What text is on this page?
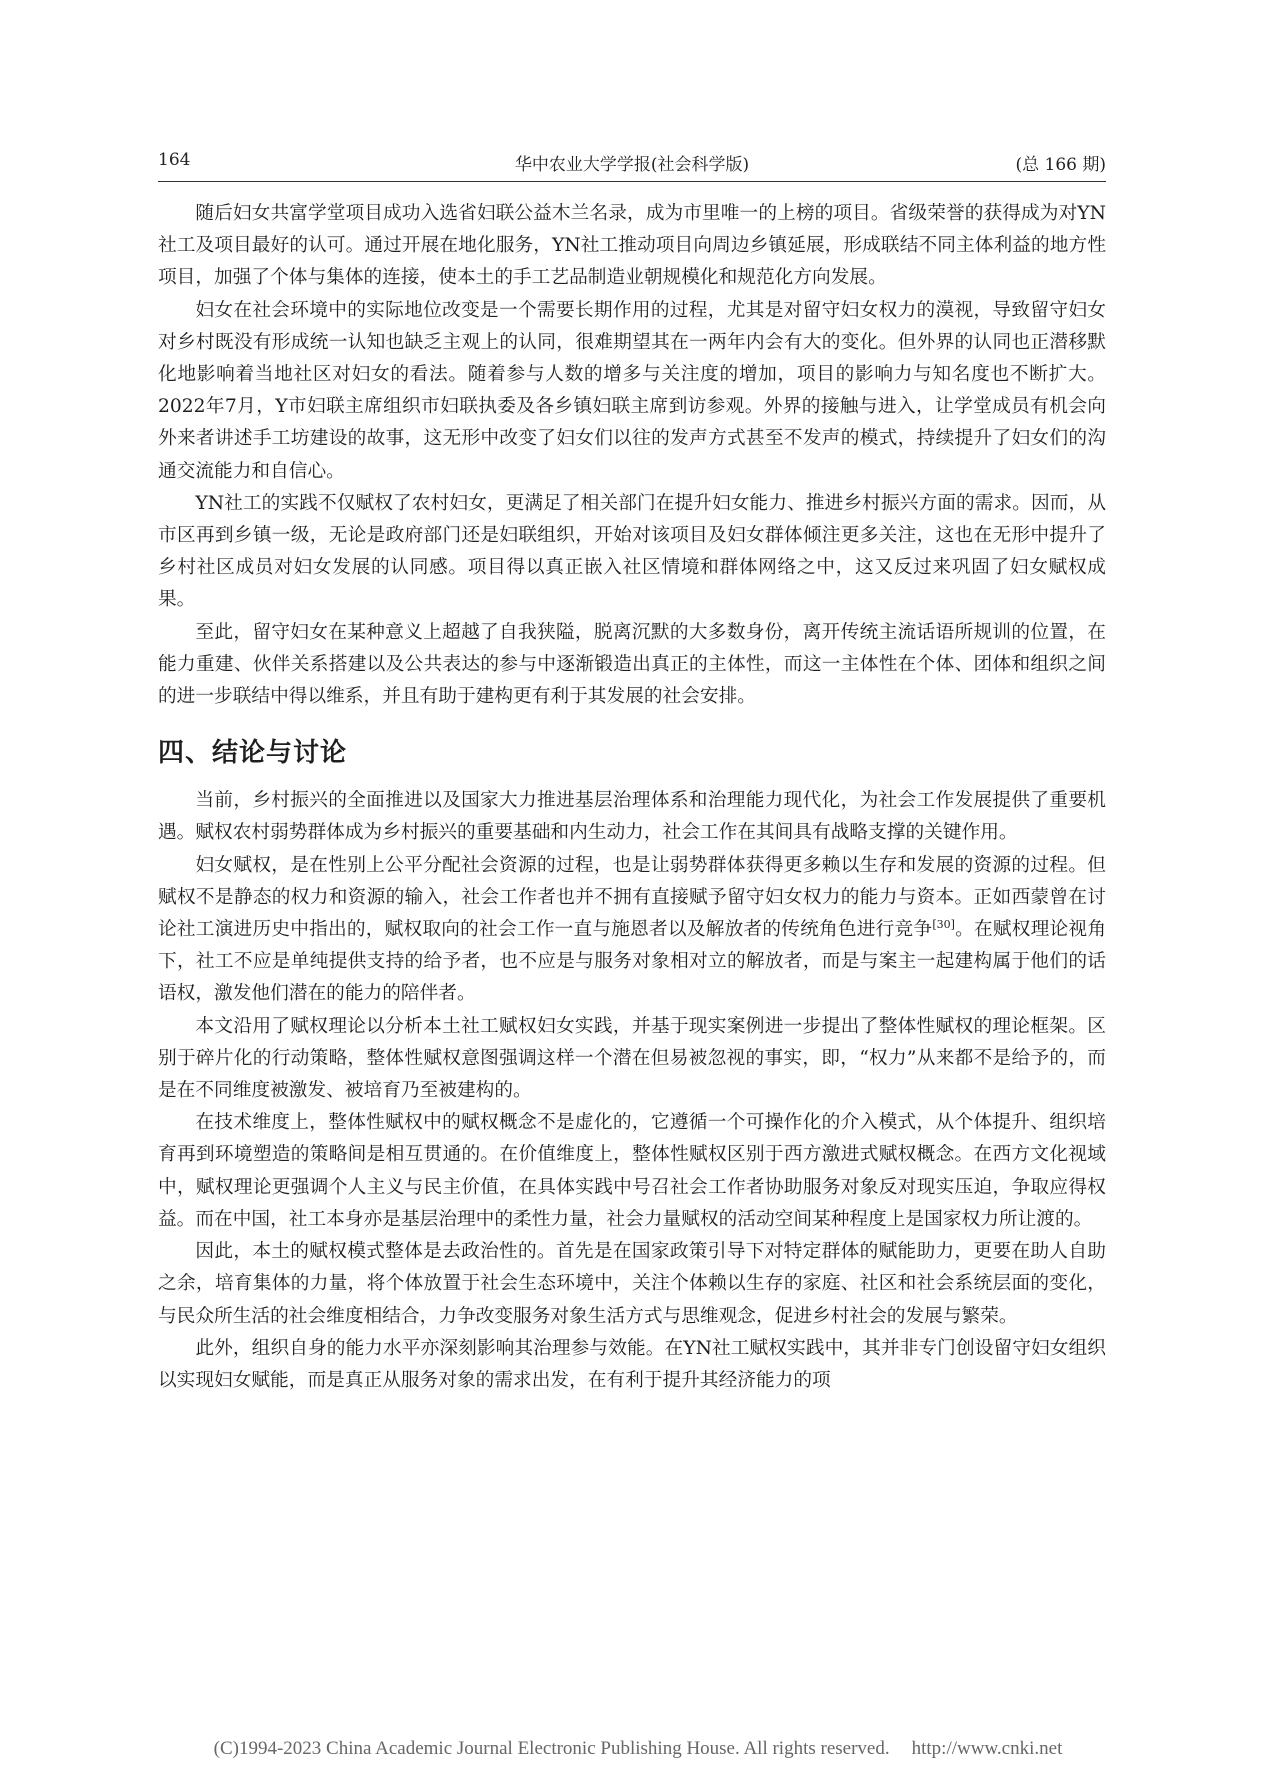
164	华中农业大学学报(社会科学版)	(总 166 期)

随后妇女共富学堂项目成功入选省妇联公益木兰名录，成为市里唯一的上榜的项目。省级荣誉的获得成为对YN社工及项目最好的认可。通过开展在地化服务，YN社工推动项目向周边乡镇延展，形成联结不同主体利益的地方性项目，加强了个体与集体的连接，使本土的手工艺品制造业朝规模化和规范化方向发展。

妇女在社会环境中的实际地位改变是一个需要长期作用的过程，尤其是对留守妇女权力的漠视，导致留守妇女对乡村既没有形成统一认知也缺乏主观上的认同，很难期望其在一两年内会有大的变化。但外界的认同也正潜移默化地影响着当地社区对妇女的看法。随着参与人数的增多与关注度的增加，项目的影响力与知名度也不断扩大。2022年7月，Y市妇联主席组织市妇联执委及各乡镇妇联主席到访参观。外界的接触与进入，让学堂成员有机会向外来者讲述手工坊建设的故事，这无形中改变了妇女们以往的发声方式甚至不发声的模式，持续提升了妇女们的沟通交流能力和自信心。

YN社工的实践不仅赋权了农村妇女，更满足了相关部门在提升妇女能力、推进乡村振兴方面的需求。因而，从市区再到乡镇一级，无论是政府部门还是妇联组织，开始对该项目及妇女群体倾注更多关注，这也在无形中提升了乡村社区成员对妇女发展的认同感。项目得以真正嵌入社区情境和群体网络之中，这又反过来巩固了妇女赋权成果。

至此，留守妇女在某种意义上超越了自我狭隘，脱离沉默的大多数身份，离开传统主流话语所规训的位置，在能力重建、伙伴关系搭建以及公共表达的参与中逐渐锻造出真正的主体性，而这一主体性在个体、团体和组织之间的进一步联结中得以维系，并且有助于建构更有利于其发展的社会安排。

四、结论与讨论

当前，乡村振兴的全面推进以及国家大力推进基层治理体系和治理能力现代化，为社会工作发展提供了重要机遇。赋权农村弱势群体成为乡村振兴的重要基础和内生动力，社会工作在其间具有战略支撑的关键作用。

妇女赋权，是在性别上公平分配社会资源的过程，也是让弱势群体获得更多赖以生存和发展的资源的过程。但赋权不是静态的权力和资源的输入，社会工作者也并不拥有直接赋予留守妇女权力的能力与资本。正如西蒙曾在讨论社工演进历史中指出的，赋权取向的社会工作一直与施恩者以及解放者的传统角色进行竞争[30]。在赋权理论视角下，社工不应是单纯提供支持的给予者，也不应是与服务对象相对立的解放者，而是与案主一起建构属于他们的话语权，激发他们潜在的能力的陪伴者。

本文沿用了赋权理论以分析本土社工赋权妇女实践，并基于现实案例进一步提出了整体性赋权的理论框架。区别于碎片化的行动策略，整体性赋权意图强调这样一个潜在但易被忽视的事实，即，“权力”从来都不是给予的，而是在不同维度被激发、被培育乃至被建构的。

在技术维度上，整体性赋权中的赋权概念不是虚化的，它遵循一个可操作化的介入模式，从个体提升、组织培育再到环境塑造的策略间是相互贯通的。在价值维度上，整体性赋权区别于西方激进式赋权概念。在西方文化视域中，赋权理论更强调个人主义与民主价值，在具体实践中号召社会工作者协助服务对象反对现实压迫，争取应得权益。而在中国，社工本身亦是基层治理中的柔性力量，社会力量赋权的活动空间某种程度上是国家权力所让渡的。

因此，本土的赋权模式整体是去政治性的。首先是在国家政策引导下对特定群体的赋能助力，更要在助人自助之余，培育集体的力量，将个体放置于社会生态环境中，关注个体赖以生存的家庭、社区和社会系统层面的变化，与民众所生活的社会维度相结合，力争改变服务对象生活方式与思维观念，促进乡村社会的发展与繁荣。

此外，组织自身的能力水平亦深刻影响其治理参与效能。在YN社工赋权实践中，其并非专门创设留守妇女组织以实现妇女赋能，而是真正从服务对象的需求出发，在有利于提升其经济能力的项

(C)1994-2023 China Academic Journal Electronic Publishing House. All rights reserved. http://www.cnki.net
